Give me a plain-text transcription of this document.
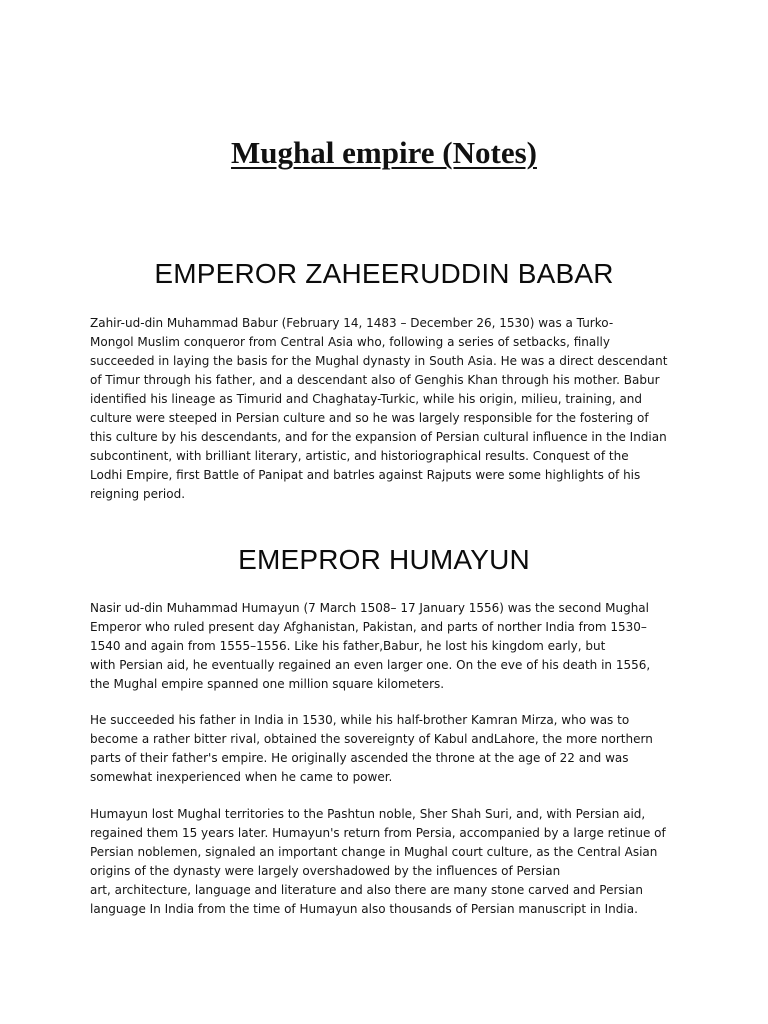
Mughal empire (Notes)
EMPEROR ZAHEERUDDIN BABAR

Zahir-ud-din Muhammad Babur (February 14, 1483 – December 26, 1530) was a Turko-
Mongol Muslim conqueror from Central Asia who, following a series of setbacks, finally
succeeded in laying the basis for the Mughal dynasty in South Asia. He was a direct descendant
of Timur through his father, and a descendant also of Genghis Khan through his mother. Babur
identified his lineage as Timurid and Chaghatay-Turkic, while his origin, milieu, training, and
culture were steeped in Persian culture and so he was largely responsible for the fostering of
this culture by his descendants, and for the expansion of Persian cultural influence in the Indian
subcontinent, with brilliant literary, artistic, and historiographical results. Conquest of the
Lodhi Empire, first Battle of Panipat and batrles against Rajputs were some highlights of his
reigning period.

EMEPROR HUMAYUN

Nasir ud-din Muhammad Humayun (7 March 1508– 17 January 1556) was the second Mughal
Emperor who ruled present day Afghanistan, Pakistan, and parts of norther India from 1530–
1540 and again from 1555–1556. Like his father,Babur, he lost his kingdom early, but
with Persian aid, he eventually regained an even larger one. On the eve of his death in 1556,
the Mughal empire spanned one million square kilometers.

He succeeded his father in India in 1530, while his half-brother Kamran Mirza, who was to
become a rather bitter rival, obtained the sovereignty of Kabul andLahore, the more northern
parts of their father's empire. He originally ascended the throne at the age of 22 and was
somewhat inexperienced when he came to power.

Humayun lost Mughal territories to the Pashtun noble, Sher Shah Suri, and, with Persian aid,
regained them 15 years later. Humayun's return from Persia, accompanied by a large retinue of
Persian noblemen, signaled an important change in Mughal court culture, as the Central Asian
origins of the dynasty were largely overshadowed by the influences of Persian
art, architecture, language and literature and also there are many stone carved and Persian
language In India from the time of Humayun also thousands of Persian manuscript in India.
